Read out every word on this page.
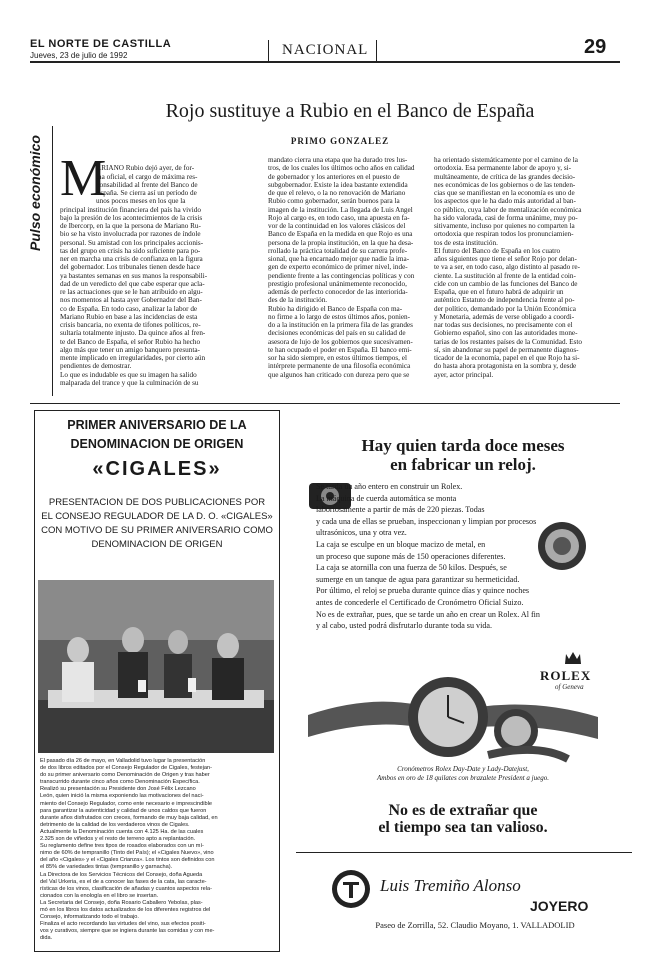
EL NORTE DE CASTILLA
Jueves, 23 de julio de 1992	NACIONAL	29
Pulso económico
Rojo sustituye a Rubio en el Banco de España
PRIMO GONZALEZ
M

ARIANO Rubio dejó ayer, de for-
ma oficial, el cargo de máxima res-
ponsabilidad al frente del Banco de
España. Se cierra así un período de
unos pocos meses en los que la
principal institución financiera del país ha vivido
bajo la presión de los acontecimientos de la crisis
de Ibercorp, en la que la persona de Mariano Ru-
bio se ha visto involucrada por razones de índole
personal. Su amistad con los principales accionis-
tas del grupo en crisis ha sido suficiente para po-
ner en marcha una crisis de confianza en la figura
del gobernador. Los tribunales tienen desde hace
ya bastantes semanas en sus manos la responsabili-
dad de un veredicto del que cabe esperar que acla-
re las actuaciones que se le han atribuido en algu-
nos momentos al hasta ayer Gobernador del Ban-
co de España. En todo caso, analizar la labor de
Mariano Rubio en base a las incidencias de esta
crisis bancaria, no exenta de tifones políticos, re-
sultaría totalmente injusto. Da quince años al fren-
te del Banco de España, el señor Rubio ha hecho
algo más que tener un amigo banquero presunta-
mente implicado en irregularidades, por cierto aún
pendientes de demostrar.
Lo que es indudable es que su imagen ha salido
malparada del trance y que la culminación de su

mandato cierra una etapa que ha durado tres lus-
tros, de los cuales los últimos ocho años en calidad
de gobernador y los anteriores en el puesto de
subgobernador. Existe la idea bastante extendida
de que el relevo, o la no renovación de Mariano
Rubio como gobernador, serán buenos para la
imagen de la institución. La llegada de Luis Angel
Rojo al cargo es, en todo caso, una apuesta en fa-
vor de la continuidad en los valores clásicos del
Banco de España en la medida en que Rojo es una
persona de la propia institución, en la que ha desa-
rrollado la práctica totalidad de su carrera profe-
sional, que ha encarnado mejor que nadie la ima-
gen de experto económico de primer nivel, inde-
pendiente frente a las contingencias políticas y con
prestigio profesional unánimemente reconocido,
además de perfecto conocedor de las interiorida-
des de la institución.
Rubio ha dirigido el Banco de España con ma-
no firme a lo largo de estos últimos años, ponien-
do a la institución en la primera fila de las grandes
decisiones económicas del país en su calidad de
asesora de lujo de los gobiernos que sucesivamen-
te han ocupado el poder en España. El banco emi-
sor ha sido siempre, en estos últimos tiempos, el
intérprete permanente de una filosofía económica
que algunos han criticado con dureza pero que se
ha orientado sistemáticamente por el camino de la
ortodoxia. Esa permanente labor de apoyo y, si-
multáneamente, de crítica de las grandes decisio-
nes económicas de los gobiernos o de las tenden-
cias que se manifiestan en la economía es uno de
los aspectos que le ha dado más autoridad al ban-
co público, cuya labor de mentalización económica
ha sido valorada, casi de forma unánime, muy po-
sitivamente, incluso por quienes no comparten la
ortodoxia que respiran todos los pronunciamien-
tos de esta institución.
El futuro del Banco de España en los cuatro
años siguientes que tiene el señor Rojo por delan-
te va a ser, en todo caso, algo distinto al pasado re-
ciente. La sustitución al frente de la entidad coin-
cide con un cambio de las funciones del Banco de
España, que en el futuro habrá de adquirir un
auténtico Estatuto de independencia frente al po-
der político, demandado por la Unión Económica
y Monetaria, además de verse obligado a coordi-
nar todas sus decisiones, no precisamente con el
Gobierno español, sino con las autoridades mone-
tarias de los restantes países de la Comunidad. Esto
sí, sin abandonar su papel de permanente diagnos-
ticador de la economía, papel en el que Rojo ha si-
do hasta ahora protagonista en la sombra y, desde
ayer, actor principal.
PRIMER ANIVERSARIO DE LA
DENOMINACION DE ORIGEN
«CIGALES»
PRESENTACION DE DOS PUBLICACIONES POR
EL CONSEJO REGULADOR DE LA D. O. «CIGALES»
CON MOTIVO DE SU PRIMER ANIVERSARIO COMO
DENOMINACION DE ORIGEN
El pasado día 26 de mayo, en Valladolid tuvo lugar la presentación
de dos libros editados por el Consejo Regulador de Cigales, festejan-
do su primer aniversario como Denominación de Origen y tras haber
transcurrido durante cinco años como Denominación Específica.
Realizó su presentación su Presidente don José Félix Lezcano
León, quien inició la misma exponiendo las motivaciones del naci-
miento del Consejo Regulador, como ente necesario e imprescindible
para garantizar la autenticidad y calidad de unos caldos que fueron
durante años disfrutados con creces, formando de muy baja calidad, en
detrimento de la calidad de los verdaderos vinos de Cigales.
Actualmente la Denominación cuenta con 4.125 Ha. de las cuales
2.325 son de viñedos y el resto de terreno apto a replantación.
Su reglamento define tres tipos de rosados elaborados con un mí-
nimo de 60% de tempranillo (Tinto del País); el «Cigales Nuevo», vino
del año «Cigales» y el «Cigales Crianza». Los tintos son definidos con
el 85% de variedades tintas (tempranillo y garnacha).
La Directora de los Servicios Técnicos del Consejo, doña Agueda
del Val Urkeria, es el de a conocer las fases de la cata, las caracte-
rísticas de los vinos, clasificación de añadas y cuantos aspectos rela-
cionados con la enología en el libro se insertan.
La Secretaria del Consejo, doña Rosario Caballero Yebolas, plas-
mó en los libros los datos actualizados de los diferentes registros del
Consejo, informatizando todo el trabajo.
Finaliza el acto recordando las virtudes del vino, sus efectos positi-
vos y curativos, siempre que se ingiera durante las comidas y con me-
dida.
Hay quien tarda doce meses
en fabricar un reloj.
Se tarda un año entero en construir un Rolex.
La máquina de cuerda automática se monta
laboriosamente a partir de más de 220 piezas. Todas
y cada una de ellas se prueban, inspeccionan y limpian por procesos
ultrasónicos, una y otra vez.
La caja se esculpe en un bloque macizo de metal, en
un proceso que supone más de 150 operaciones diferentes.
La caja se atornilla con una fuerza de 50 kilos. Después, se
sumerge en un tanque de agua para garantizar su hermeticidad.
Por último, el reloj se prueba durante quince días y quince noches
antes de concederle el Certificado de Cronómetro Oficial Suizo.
No es de extrañar, pues, que se tarde un año en crear un Rolex. Al fin
y al cabo, usted podrá disfrutarlo durante toda su vida.
ROLEX
of Geneva
Cronómetros Rolex Day-Date y Lady-Datejust,
Ambos en oro de 18 quilates con brazalete President a juego.
No es de extrañar que
el tiempo sea tan valioso.
Luis Tremiño Alonso
JOYERO
Paseo de Zorrilla, 52. Claudio Moyano, 1. VALLADOLID
